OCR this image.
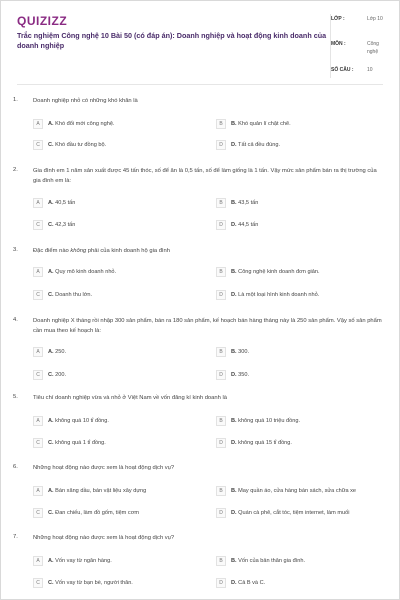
QUIZIZZ
Trắc nghiệm Công nghệ 10 Bài 50 (có đáp án): Doanh nghiệp và hoạt động kinh doanh của doanh nghiệp
LỚP :	Lớp 10
MÔN :	Công nghệ
SỐ CÂU :	10
1.	Doanh nghiệp nhỏ có những khó khăn là
A	A. Khó đổi mới công nghệ.	B	B. Khó quản lí chặt chẽ.
C	C. Khó đầu tư đồng bộ.	D	D. Tất cả đều đúng.
2.	Gia đình em 1 năm sản xuất được 45 tấn thóc, số để ăn là 0,5 tấn, số để làm giống là 1 tấn. Vậy mức sản phẩm bán ra thị trường của gia đình em là:
A	A. 40,5 tấn	B	B. 43,5 tấn
C	C. 42,3 tấn	D	D. 44,5 tấn
3.	Đặc điểm nào không phải của kinh doanh hộ gia đình
A	A. Quy mô kinh doanh nhỏ.	B	B. Công nghệ kinh doanh đơn giản.
C	C. Doanh thu lớn.	D	D. Là một loại hình kinh doanh nhỏ.
4.	Doanh nghiệp X tháng rồi nhập 300 sản phẩm, bán ra 180 sản phẩm, kế hoạch bán hàng tháng này là 250 sản phẩm. Vậy số sản phẩm cần mua theo kế hoạch là:
A	A. 250.	B	B. 300.
C	C. 200.	D	D. 350.
5.	Tiêu chí doanh nghiệp vừa và nhỏ ở Việt Nam về vốn đăng kí kinh doanh là
A	A. không quá 10 tỉ đồng.	B	B. không quá 10 triệu đồng.
C	C. không quá 1 tỉ đồng.	D	D. không quá 15 tỉ đồng.
6.	Những hoạt động nào được xem là hoạt động dịch vụ?
A	A. Bán xăng dầu, bán vật liệu xây dựng	B	B. May quần áo, cửa hàng bán sách, sửa chữa xe
C	C. Đan chiếu, làm đồ gốm, tiệm cơm	D	D. Quán cà phê, cắt tóc, tiệm internet, làm muối
7.	Những hoạt động nào được xem là hoạt động dịch vụ?
A	A. Vốn vay từ ngân hàng.	B	B. Vốn của bản thân gia đình.
C	C. Vốn vay từ bạn bè, người thân.	D	D. Cả B và C.
